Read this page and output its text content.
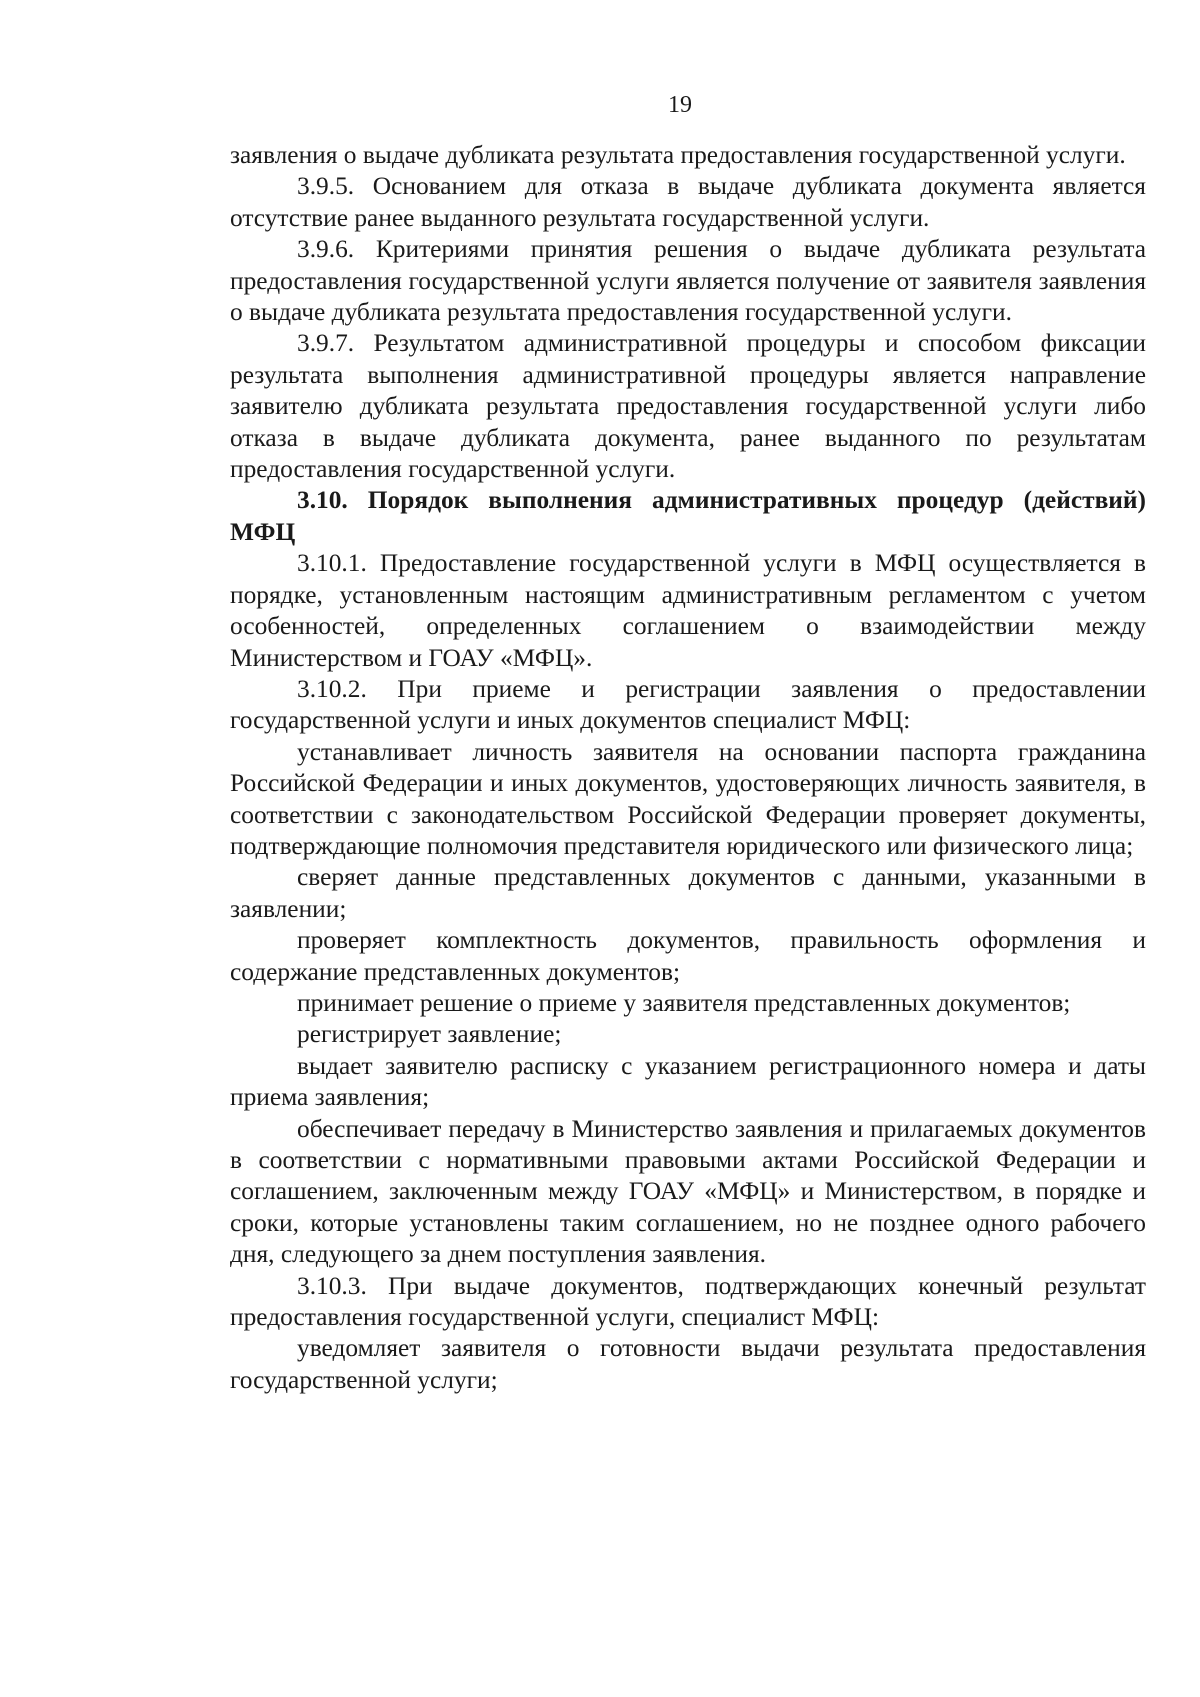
19

заявления о выдаче дубликата результата предоставления государственной услуги.

3.9.5. Основанием для отказа в выдаче дубликата документа является отсутствие ранее выданного результата государственной услуги.

3.9.6. Критериями принятия решения о выдаче дубликата результата предоставления государственной услуги является получение от заявителя заявления о выдаче дубликата результата предоставления государственной услуги.

3.9.7. Результатом административной процедуры и способом фиксации результата выполнения административной процедуры является направление заявителю дубликата результата предоставления государственной услуги либо отказа в выдаче дубликата документа, ранее выданного по результатам предоставления государственной услуги.

3.10. Порядок выполнения административных процедур (действий) МФЦ

3.10.1. Предоставление государственной услуги в МФЦ осуществляется в порядке, установленным настоящим административным регламентом с учетом особенностей, определенных соглашением о взаимодействии между Министерством и ГОАУ «МФЦ».

3.10.2. При приеме и регистрации заявления о предоставлении государственной услуги и иных документов специалист МФЦ:

устанавливает личность заявителя на основании паспорта гражданина Российской Федерации и иных документов, удостоверяющих личность заявителя, в соответствии с законодательством Российской Федерации проверяет документы, подтверждающие полномочия представителя юридического или физического лица;

сверяет данные представленных документов с данными, указанными в заявлении;

проверяет комплектность документов, правильность оформления и содержание представленных документов;

принимает решение о приеме у заявителя представленных документов;

регистрирует заявление;

выдает заявителю расписку с указанием регистрационного номера и даты приема заявления;

обеспечивает передачу в Министерство заявления и прилагаемых документов в соответствии с нормативными правовыми актами Российской Федерации и соглашением, заключенным между ГОАУ «МФЦ» и Министерством, в порядке и сроки, которые установлены таким соглашением, но не позднее одного рабочего дня, следующего за днем поступления заявления.

3.10.3. При выдаче документов, подтверждающих конечный результат предоставления государственной услуги, специалист МФЦ:

уведомляет заявителя о готовности выдачи результата предоставления государственной услуги;
